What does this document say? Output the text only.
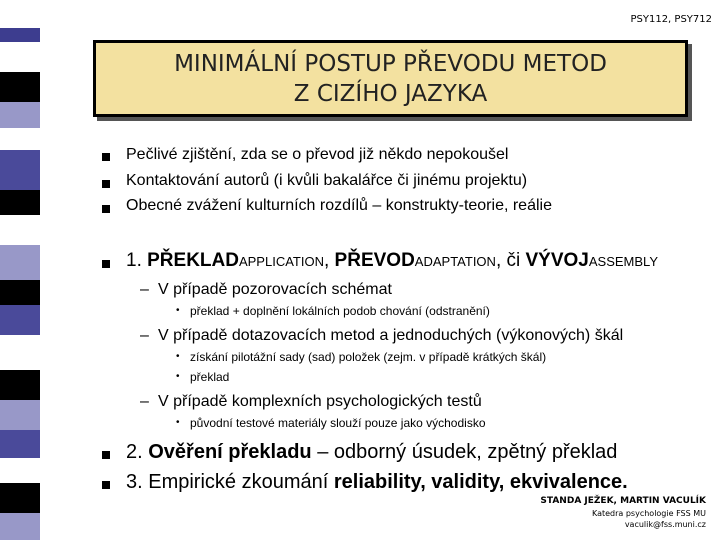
PSY112, PSY712
MINIMÁLNÍ POSTUP PŘEVODU METOD
Z CIZÍHO JAZYKA
Pečlivé zjištění, zda se o převod již někdo nepokoušel
Kontaktování autorů (i kvůli bakalářce či jinému projektu)
Obecné zvážení kulturních rozdílů – konstrukty-teorie, reálie
1. PŘEKLADAPPLICATION, PŘEVODADAPTATION, či VÝVOJASSEMBLY
– V případě pozorovacích schémat
• překlad + doplnění lokálních podob chování (odstranění)
– V případě dotazovacích metod a jednoduchých (výkonových) škál
• získání pilotážní sady (sad) položek (zejm. v případě krátkých škál)
• překlad
– V případě komplexních psychologických testů
• původní testové materiály slouží pouze jako východisko
2. Ověření překladu – odborný úsudek, zpětný překlad
3. Empirické zkoumání reliability, validity, ekvivalence.
STANDA JEŽEK, MARTIN VACULÍK
Katedra psychologie FSS MU
vaculik@fss.muni.cz
